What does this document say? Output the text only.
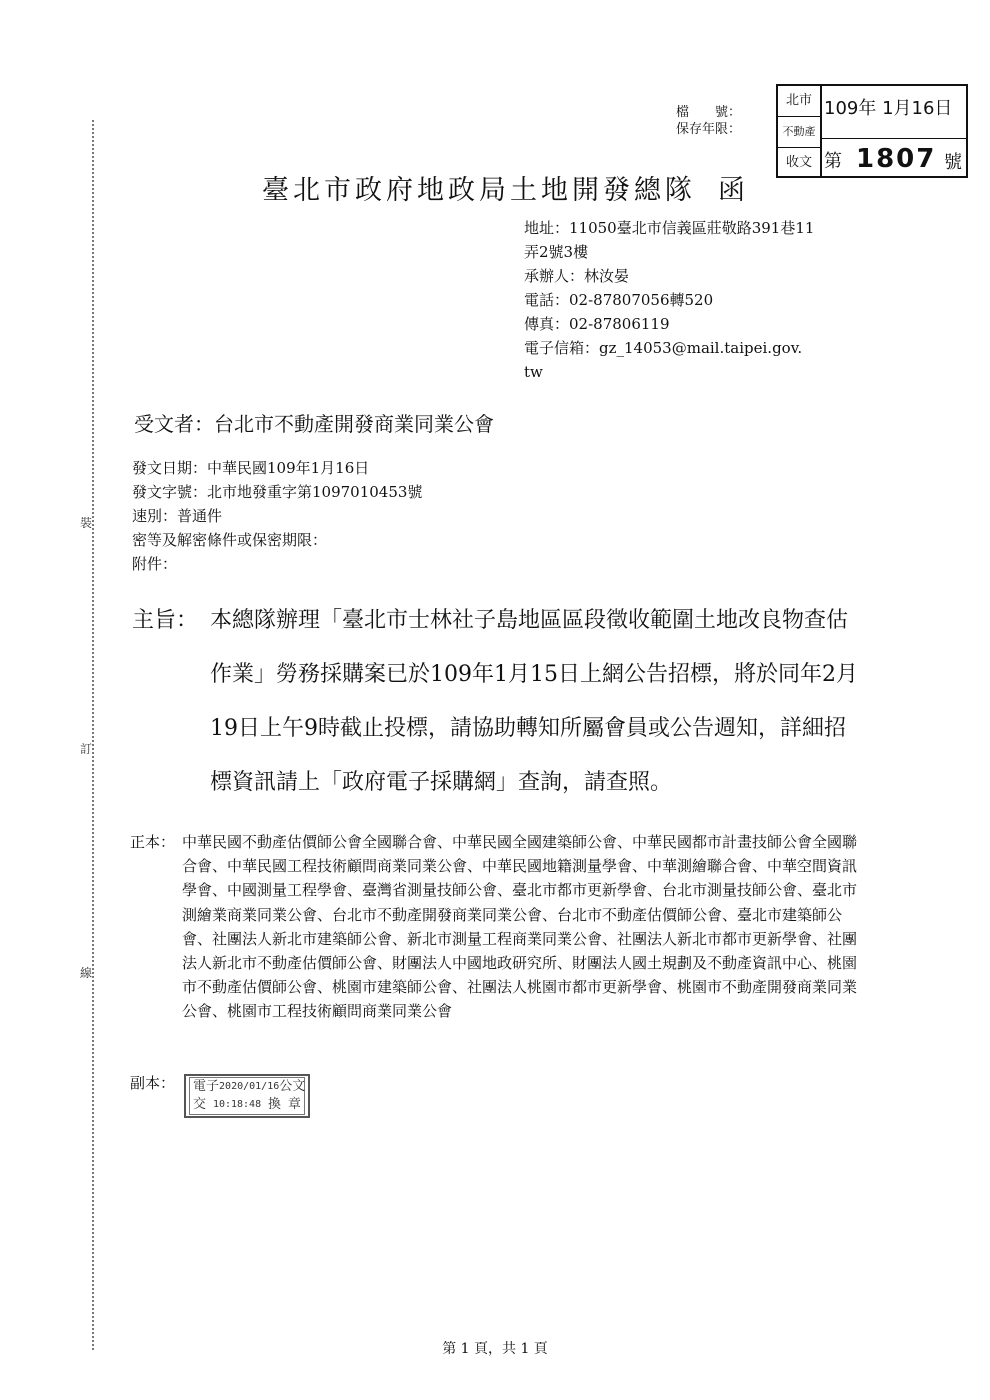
裝
訂
線
檔　　號：
保存年限：
北市
不動產
收文
109年 1月16日
第 1807 號
臺北市政府地政局土地開發總隊 函
地址：11050臺北市信義區莊敬路391巷11
弄2號3樓
承辦人：林汝晏
電話：02-87807056轉520
傳真：02-87806119
電子信箱：gz_14053@mail.taipei.gov.
tw
受文者：台北市不動產開發商業同業公會
發文日期：中華民國109年1月16日
發文字號：北市地發重字第1097010453號
速別：普通件
密等及解密條件或保密期限：
附件：
主旨： 本總隊辦理「臺北市士林社子島地區區段徵收範圍土地改良物查估作業」勞務採購案已於109年1月15日上網公告招標，將於同年2月19日上午9時截止投標，請協助轉知所屬會員或公告週知，詳細招標資訊請上「政府電子採購網」查詢，請查照。
正本： 中華民國不動產估價師公會全國聯合會、中華民國全國建築師公會、中華民國都市計畫技師公會全國聯合會、中華民國工程技術顧問商業同業公會、中華民國地籍測量學會、中華測繪聯合會、中華空間資訊學會、中國測量工程學會、臺灣省測量技師公會、臺北市都市更新學會、台北市測量技師公會、臺北市測繪業商業同業公會、台北市不動產開發商業同業公會、台北市不動產估價師公會、臺北市建築師公會、社團法人新北市建築師公會、新北市測量工程商業同業公會、社團法人新北市都市更新學會、社團法人新北市不動產估價師公會、財團法人中國地政研究所、財團法人國土規劃及不動產資訊中心、桃園市不動產估價師公會、桃園市建築師公會、社團法人桃園市都市更新學會、桃園市不動產開發商業同業公會、桃園市工程技術顧問商業同業公會
副本： 電 子 2020/01/16 公 文
交 10:18:48 換 章
第 1 頁，共 1 頁
